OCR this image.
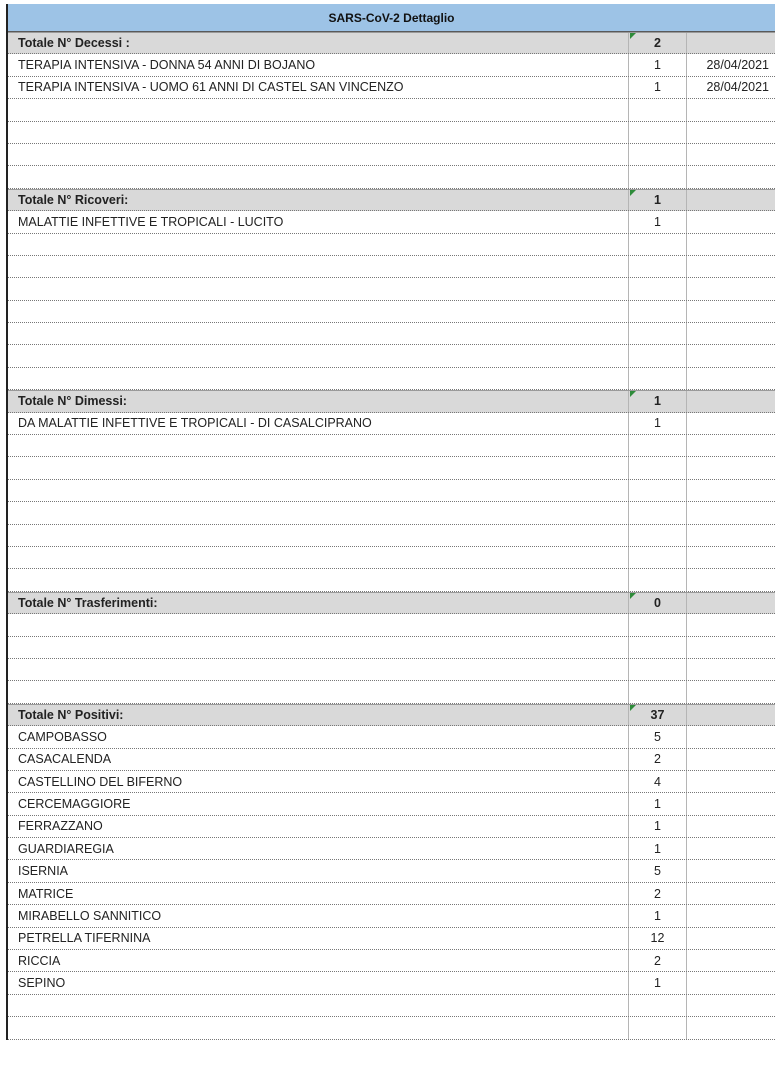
SARS-CoV-2 Dettaglio
Totale N° Decessi :	2
TERAPIA INTENSIVA - DONNA 54 ANNI DI BOJANO	1	28/04/2021
TERAPIA INTENSIVA - UOMO 61 ANNI DI CASTEL SAN VINCENZO	1	28/04/2021
Totale N° Ricoveri:	1
MALATTIE INFETTIVE E TROPICALI - LUCITO	1
Totale N° Dimessi:	1
DA MALATTIE INFETTIVE E TROPICALI - DI CASALCIPRANO	1
Totale N° Trasferimenti:	0
Totale N° Positivi:	37
CAMPOBASSO	5
CASACALENDA	2
CASTELLINO DEL BIFERNO	4
CERCEMAGGIORE	1
FERRAZZANO	1
GUARDIAREGIA	1
ISERNIA	5
MATRICE	2
MIRABELLO SANNITICO	1
PETRELLA TIFERNINA	12
RICCIA	2
SEPINO	1
